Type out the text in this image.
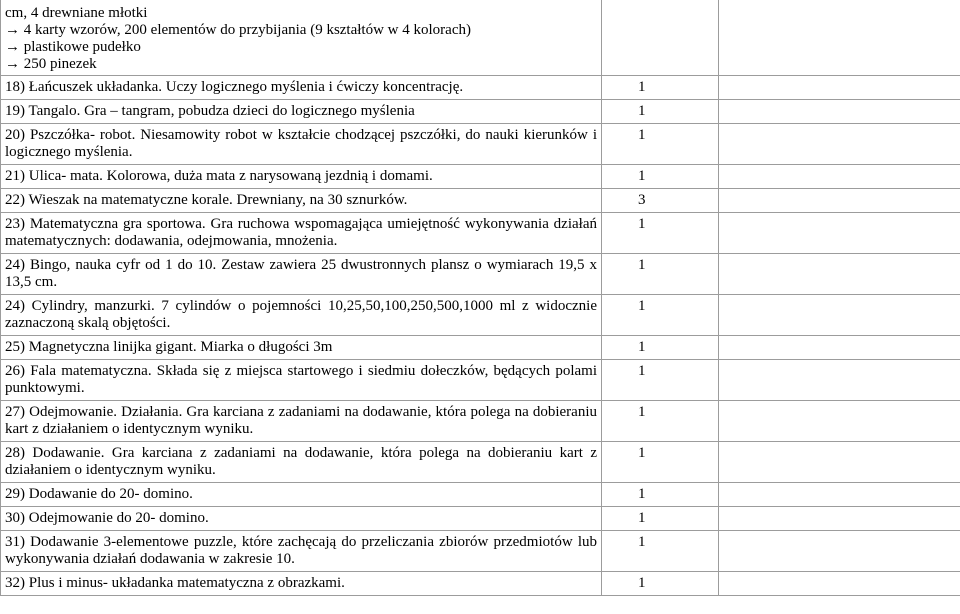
cm, 4 drewniane młotki
→ 4 karty wzorów, 200 elementów do przybijania (9 kształtów w 4 kolorach)
→ plastikowe pudełko
→ 250 pinezek

18) Łańcuszek układanka. Uczy logicznego myślenia i ćwiczy koncentrację.	1	
19) Tangalo. Gra – tangram, pobudza dzieci do logicznego myślenia	1	
20) Pszczółka- robot. Niesamowity robot w kształcie chodzącej pszczółki, do nauki kierunków i logicznego myślenia.	1	
21) Ulica- mata. Kolorowa, duża mata z narysowaną jezdnią i domami.	1	
22) Wieszak na matematyczne korale. Drewniany, na 30 sznurków.	3	
23) Matematyczna gra sportowa. Gra ruchowa wspomagająca umiejętność wykonywania działań matematycznych: dodawania, odejmowania, mnożenia.	1	
24) Bingo, nauka cyfr od 1 do 10. Zestaw zawiera 25 dwustronnych plansz o wymiarach 19,5 x 13,5 cm.	1	
24) Cylindry, manzurki. 7 cylindów o pojemności 10,25,50,100,250,500,1000 ml z widocznie zaznaczoną skalą objętości.	1	
25) Magnetyczna linijka gigant. Miarka o długości 3m	1	
26) Fala matematyczna. Składa się z miejsca startowego i siedmiu dołeczków, będących polami punktowymi.	1	
27) Odejmowanie. Działania. Gra karciana z zadaniami na dodawanie, która polega na dobieraniu kart z działaniem o identycznym wyniku.	1	
28) Dodawanie. Gra karciana z zadaniami na dodawanie, która polega na dobieraniu kart z działaniem o identycznym wyniku.	1	
29) Dodawanie do 20- domino.	1	
30) Odejmowanie do 20- domino.	1	
31) Dodawanie 3-elementowe puzzle, które zachęcają do przeliczania zbiorów przedmiotów lub wykonywania działań dodawania w zakresie 10.	1	
32) Plus i minus- układanka matematyczna z obrazkami.	1	
